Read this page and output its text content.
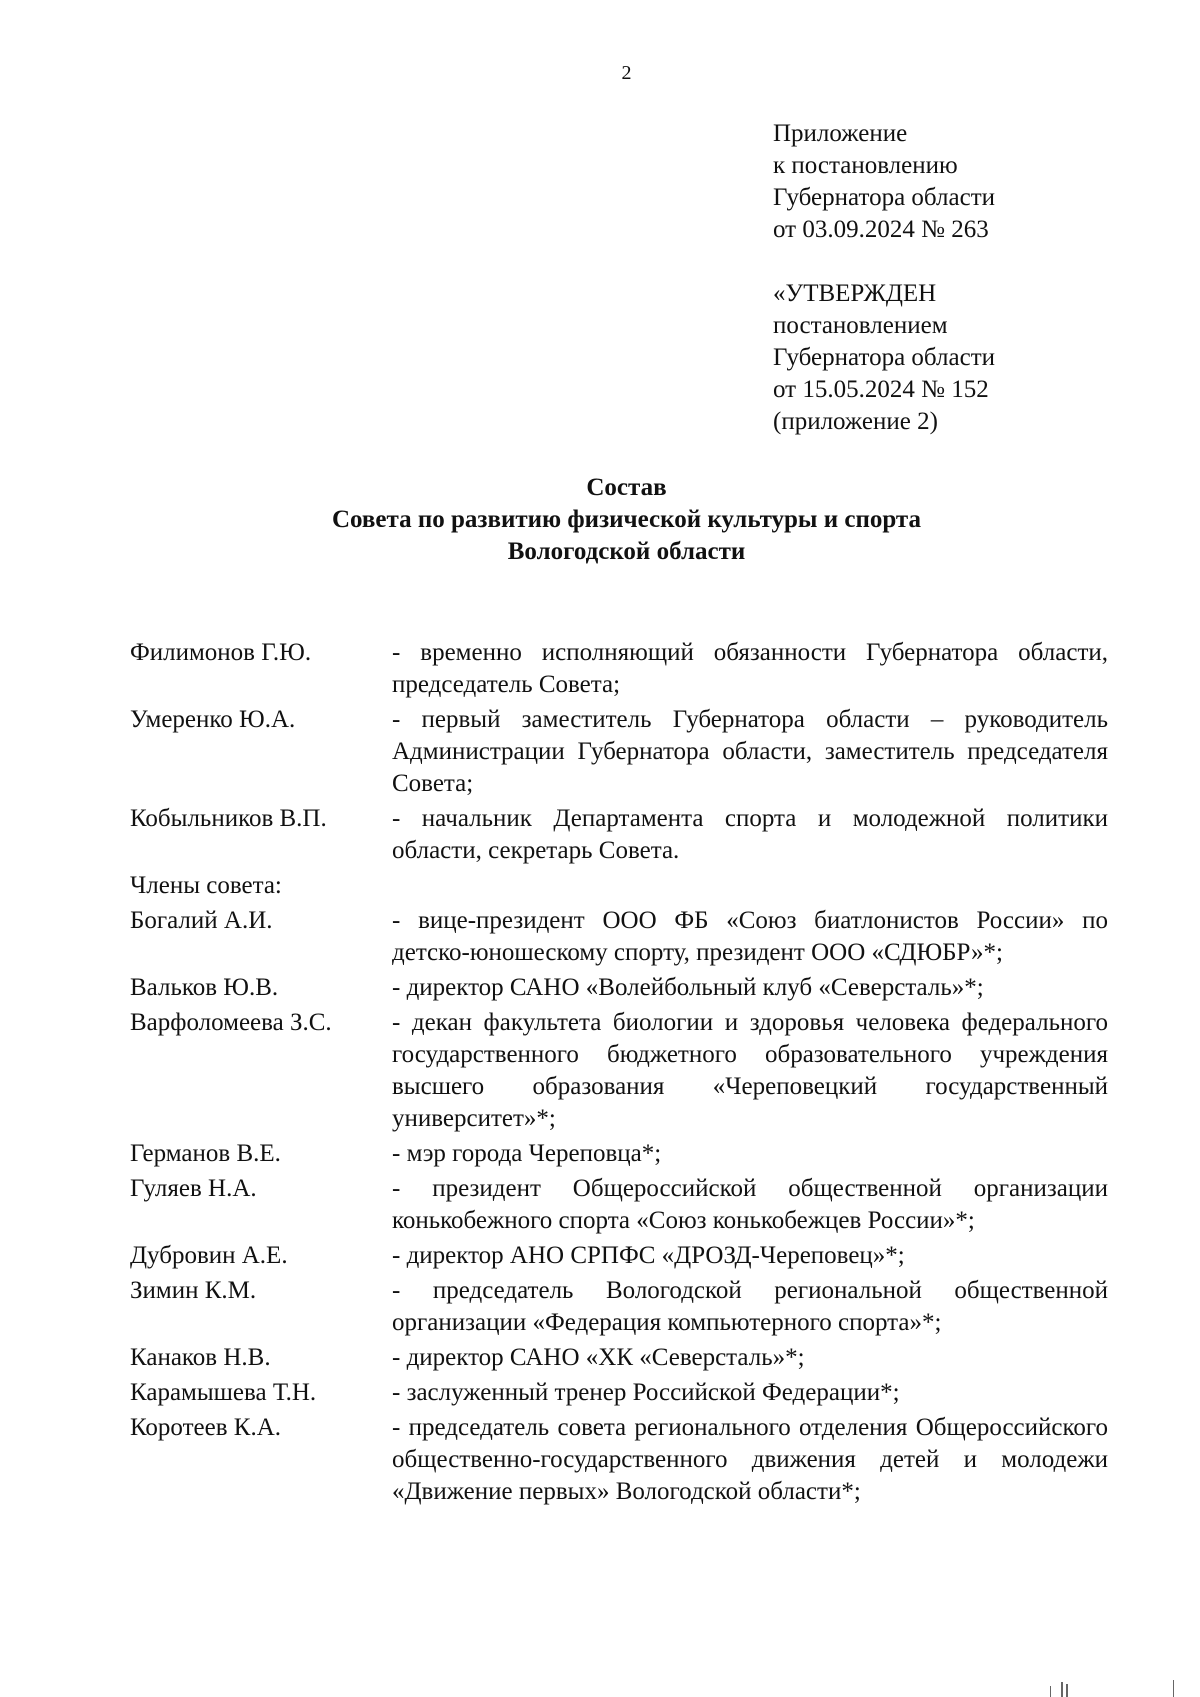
2
Приложение
к постановлению
Губернатора области
от 03.09.2024 № 263
«УТВЕРЖДЕН
постановлением
Губернатора области
от 15.05.2024 № 152
(приложение 2)
Состав
Совета по развитию физической культуры и спорта
Вологодской области
Филимонов Г.Ю.	- временно исполняющий обязанности Губернатора области, председатель Совета;
Умеренко Ю.А.	- первый заместитель Губернатора области – руководитель Администрации Губернатора области, заместитель председателя Совета;
Кобыльников В.П.	- начальник Департамента спорта и молодежной политики области, секретарь Совета.
Члены совета:
Богалий А.И.	- вице-президент ООО ФБ «Союз биатлонистов России» по детско-юношескому спорту, президент ООО «СДЮБР»*;
Вальков Ю.В.	- директор САНО «Волейбольный клуб «Северсталь»*;
Варфоломеева З.С.	- декан факультета биологии и здоровья человека федерального государственного бюджетного образовательного учреждения высшего образования «Череповецкий государственный университет»*;
Германов В.Е.	- мэр города Череповца*;
Гуляев Н.А.	- президент Общероссийской общественной организации конькобежного спорта «Союз конькобежцев России»*;
Дубровин А.Е.	- директор АНО СРПФС «ДРОЗД-Череповец»*;
Зимин К.М.	- председатель Вологодской региональной общественной организации «Федерация компьютерного спорта»*;
Канаков Н.В.	- директор САНО «ХК «Северсталь»*;
Карамышева Т.Н.	- заслуженный тренер Российской Федерации*;
Коротеев К.А.	- председатель совета регионального отделения Общероссийского общественно-государственного движения детей и молодежи «Движение первых» Вологодской области*;
